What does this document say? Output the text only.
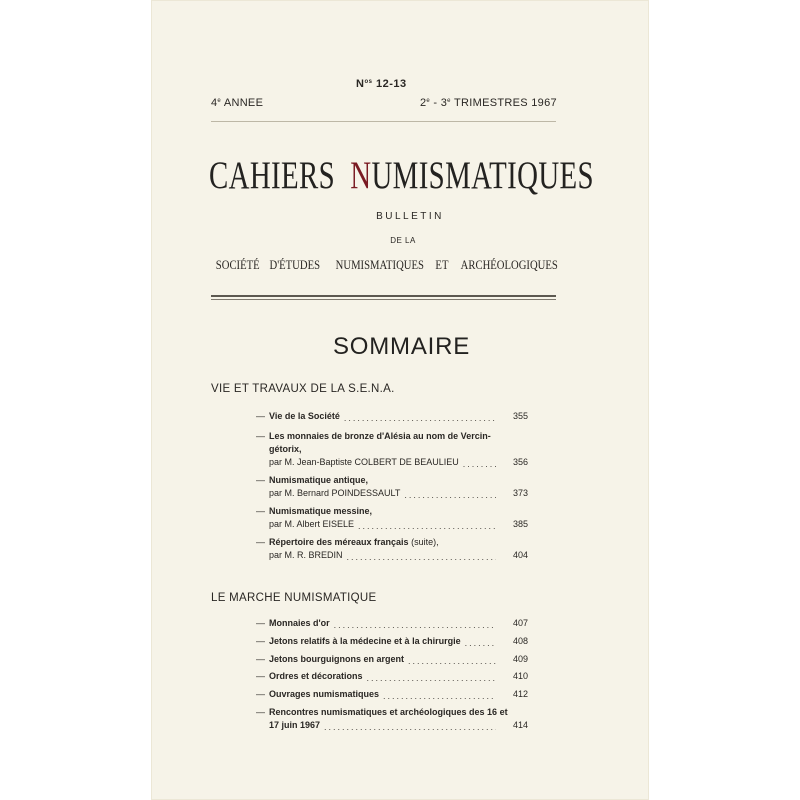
$N^{os}$ 12-13
4e ANNEE	2e - 3e TRIMESTRES 1967
CAHIERS NUMISMATIQUES
BULLETIN
DE LA
SOCIÉTÉ D'ÉTUDES NUMISMATIQUES ET ARCHÉOLOGIQUES
SOMMAIRE
VIE ET TRAVAUX DE LA S.E.N.A.
— Vie de la Société .....	355
— Les monnaies de bronze d'Alésia au nom de Vercin-
gétorix,
par M. Jean-Baptiste COLBERT DE BEAULIEU .....	356
— Numismatique antique,
par M. Bernard POINDESSAULT .....	373
— Numismatique messine,
par M. Albert EISELE .....	385
— Répertoire des méreaux français
(suite),
par M. R. BREDIN .....	404
LE MARCHE NUMISMATIQUE
— Monnaies d'or .....	407
— Jetons relatifs à la médecine et à la chirurgie .....	408
— Jetons bourguignons en argent .....	409
— Ordres et décorations .....	410
— Ouvrages numismatiques .....	412
— Rencontres numismatiques et archéologiques des 16 et
17 juin 1967 .....	414
